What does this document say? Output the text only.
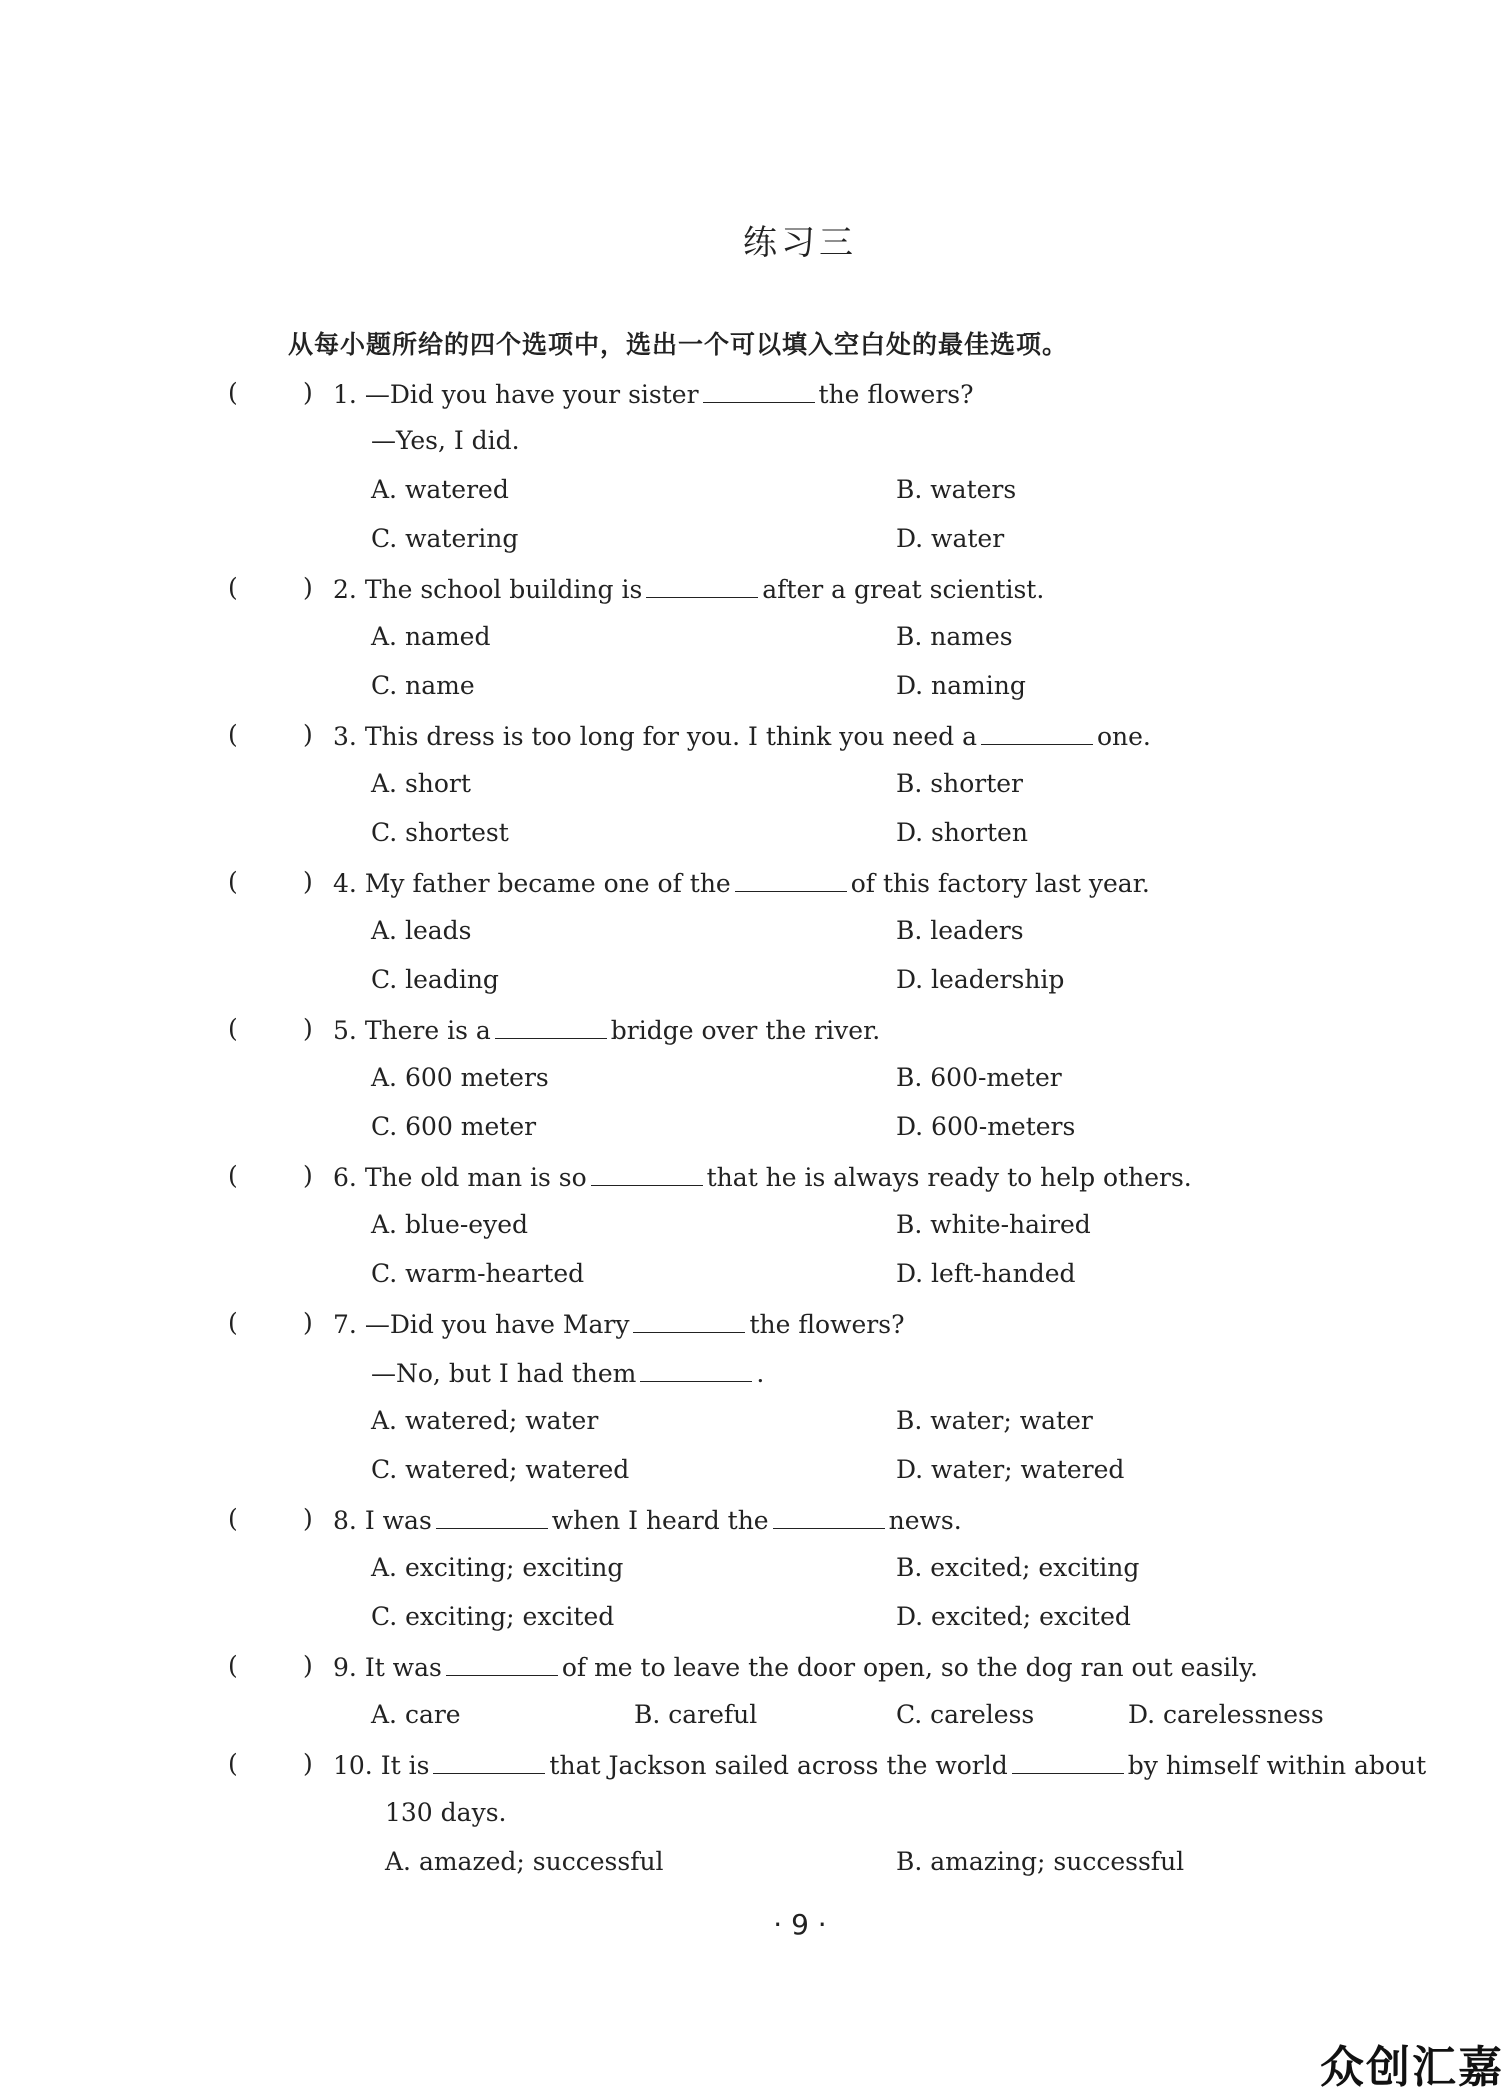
练习三
从每小题所给的四个选项中，选出一个可以填入空白处的最佳选项。
(	) 1. —Did you have your sister	the flowers?
—Yes, I did.
A. watered	B. waters
C. watering	D. water
(	) 2. The school building is	after a great scientist.
A. named	B. names
C. name	D. naming
(	) 3. This dress is too long for you. I think you need a	one.
A. short	B. shorter
C. shortest	D. shorten
(	) 4. My father became one of the	of this factory last year.
A. leads	B. leaders
C. leading	D. leadership
(	) 5. There is a	bridge over the river.
A. 600 meters	B. 600-meter
C. 600 meter	D. 600-meters
(	) 6. The old man is so	that he is always ready to help others.
A. blue-eyed	B. white-haired
C. warm-hearted	D. left-handed
(	) 7. —Did you have Mary	the flowers?
—No, but I had them	.
A. watered; water	B. water; water
C. watered; watered	D. water; watered
(	) 8. I was	when I heard the	news.
A. exciting; exciting	B. excited; exciting
C. exciting; excited	D. excited; excited
(	) 9. It was	of me to leave the door open, so the dog ran out easily.
A. care	B. careful	C. careless	D. carelessness
(	) 10. It is	that Jackson sailed across the world	by himself within about
130 days.
A. amazed; successful	B. amazing; successful
· 9 ·
众创汇嘉
